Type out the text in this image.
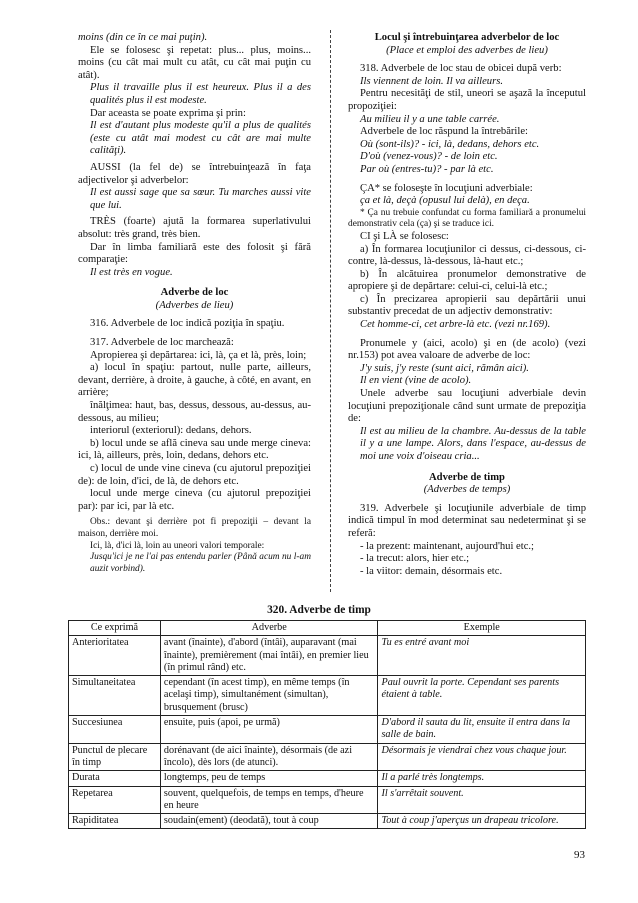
moins (din ce în ce mai puţin).

Ele se folosesc şi repetat: plus... plus, moins... moins (cu cât mai mult cu atât, cu cât mai puţin cu atât).

Plus il travaille plus il est heureux. Plus il a des qualités plus il est modeste.

Dar aceasta se poate exprima şi prin:

Il est d'autant plus modeste qu'il a plus de qualités (este cu atât mai modest cu cât are mai multe calităţi).

AUSSI (la fel de) se întrebuinţează în faţa adjectivelor şi adverbelor:

Il est aussi sage que sa sœur. Tu marches aussi vite que lui.

TRÈS (foarte) ajută la formarea superlativului absolut: très grand, très bien.

Dar în limba familiară este des folosit şi fără comparaţie:

Il est très en vogue.

Adverbe de loc

(Adverbes de lieu)

316. Adverbele de loc indică poziţia în spaţiu.

317. Adverbele de loc marchează:

Apropierea şi depărtarea: ici, là, ça et là, près, loin;

a) locul în spaţiu: partout, nulle parte, ailleurs, devant, derrière, à droite, à gauche, à côté, en avant, en arrière;

înălţimea: haut, bas, dessus, dessous, au-dessus, au-dessous, au milieu;

interiorul (exteriorul): dedans, dehors.

b) locul unde se află cineva sau unde merge cineva: ici, là, ailleurs, près, loin, dedans, dehors etc.

c) locul de unde vine cineva (cu ajutorul prepoziţiei de): de loin, d'ici, de là, de dehors etc.

locul unde merge cineva (cu ajutorul prepoziţiei par): par ici, par là etc.

Obs.: devant şi derrière pot fi prepoziţii – devant la maison, derrière moi.

Ici, là, d'ici là, loin au uneori valori temporale:

Jusqu'ici je ne l'ai pas entendu parler (Până acum nu l-am auzit vorbind).

Locul şi întrebuinţarea adverbelor de loc

(Place et emploi des adverbes de lieu)

318. Adverbele de loc stau de obicei după verb:

Ils viennent de loin. Il va ailleurs.

Pentru necesităţi de stil, uneori se aşază la începutul propoziţiei:

Au milieu il y a une table carrée.

Adverbele de loc răspund la întrebările:

Où (sont-ils)? - ici, là, dedans, dehors etc.

D'où (venez-vous)? - de loin etc.

Par où (entres-tu)? - par là etc.

ÇA* se foloseşte în locuţiuni adverbiale:

ça et là, deçà (opusul lui delà), en deça.

* Ça nu trebuie confundat cu forma familiară a pronumelui demonstrativ cela (ça) şi se traduce ici.

CI şi LÀ se folosesc:

a) În formarea locuţiunilor ci dessus, ci-dessous, ci-contre, là-dessus, là-dessous, là-haut etc.;

b) În alcătuirea pronumelor demonstrative de apropiere şi de depărtare: celui-ci, celui-là etc.;

c) În precizarea apropierii sau depărtării unui substantiv precedat de un adjectiv demonstrativ:

Cet homme-ci, cet arbre-là etc. (vezi nr.169).

Pronumele y (aici, acolo) şi en (de acolo) (vezi nr.153) pot avea valoare de adverbe de loc:

J'y suis, j'y reste (sunt aici, rămân aici).

Il en vient (vine de acolo).

Unele adverbe sau locuţiuni adverbiale devin locuţiuni prepoziţionale când sunt urmate de prepoziţia de:

Il est au milieu de la chambre. Au-dessus de la table il y a une lampe. Alors, dans l'espace, au-dessus de moi une voix d'oiseau cria...

Adverbe de timp

(Adverbes de temps)

319. Adverbele şi locuţiunile adverbiale de timp indică timpul în mod determinat sau nedeterminat şi se referă:

- la prezent: maintenant, aujourd'hui etc.;

- la trecut: alors, hier etc.;

- la viitor: demain, désormais etc.

320. Adverbe de timp
Ce exprimă	Adverbe	Exemple
Anterioritatea	avant (înainte), d'abord (întâi), auparavant (mai înainte), premièrement (mai întâi), en premier lieu (în primul rând) etc.	Tu es entré avant moi
Simultaneitatea	cependant (în acest timp), en même temps (în acelaşi timp), simultanément (simultan), brusquement (brusc)	Paul ouvrit la porte. Cependant ses parents étaient à table.
Succesiunea	ensuite, puis (apoi, pe urmă)	D'abord il sauta du lit, ensuite il entra dans la salle de bain.
Punctul de plecare în timp	dorénavant (de aici înainte), désormais (de azi încolo), dès lors (de atunci).	Désormais je viendrai chez vous chaque jour.
Durata	longtemps, peu de temps	Il a parlé très longtemps.
Repetarea	souvent, quelquefois, de temps en temps, d'heure en heure	Il s'arrêtait souvent.
Rapiditatea	soudain(ement) (deodată), tout à coup	Tout à coup j'aperçus un drapeau tricolore.
93
